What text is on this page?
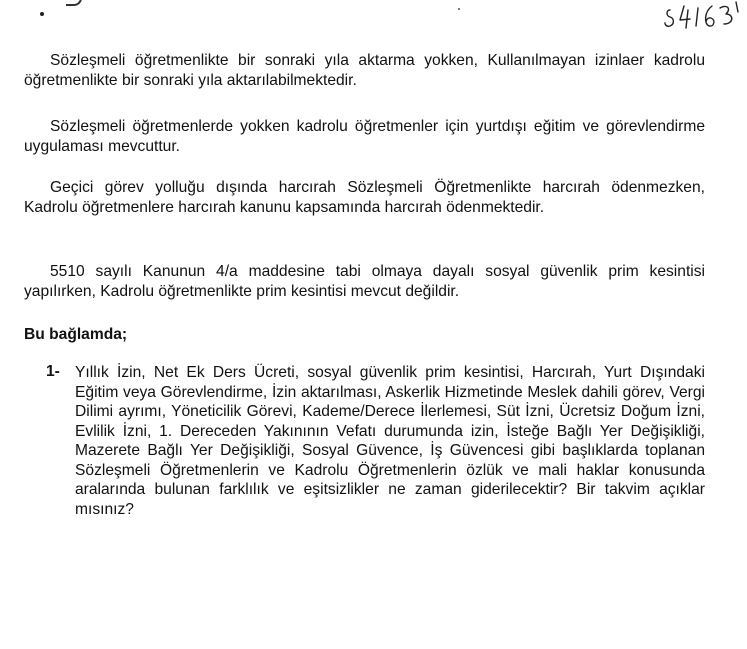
Sözleşmeli öğretmenlikte bir sonraki yıla aktarma yokken, Kullanılmayan izinlaer kadrolu öğretmenlikte bir sonraki yıla aktarılabilmektedir.

Sözleşmeli öğretmenlerde yokken kadrolu öğretmenler için yurtdışı eğitim ve görevlendirme uygulaması mevcuttur.

Geçici görev yolluğu dışında harcırah Sözleşmeli Öğretmenlikte harcırah ödenmezken, Kadrolu öğretmenlere harcırah kanunu kapsamında harcırah ödenmektedir.

5510 sayılı Kanunun 4/a maddesine tabi olmaya dayalı sosyal güvenlik prim kesintisi yapılırken, Kadrolu öğretmenlikte prim kesintisi mevcut değildir.

Bu bağlamda;

1- Yıllık İzin, Net Ek Ders Ücreti, sosyal güvenlik prim kesintisi, Harcırah, Yurt Dışındaki Eğitim veya Görevlendirme, İzin aktarılması, Askerlik Hizmetinde Meslek dahili görev, Vergi Dilimi ayrımı, Yöneticilik Görevi, Kademe/Derece İlerlemesi, Süt İzni, Ücretsiz Doğum İzni, Evlilik İzni, 1. Dereceden Yakınının Vefatı durumunda izin, İsteğe Bağlı Yer Değişikliği, Mazerete Bağlı Yer Değişikliği, Sosyal Güvence, İş Güvencesi gibi başlıklarda toplanan Sözleşmeli Öğretmenlerin ve Kadrolu Öğretmenlerin özlük ve mali haklar konusunda aralarında bulunan farklılık ve eşitsizlikler ne zaman giderilecektir? Bir takvim açıklar mısınız?
